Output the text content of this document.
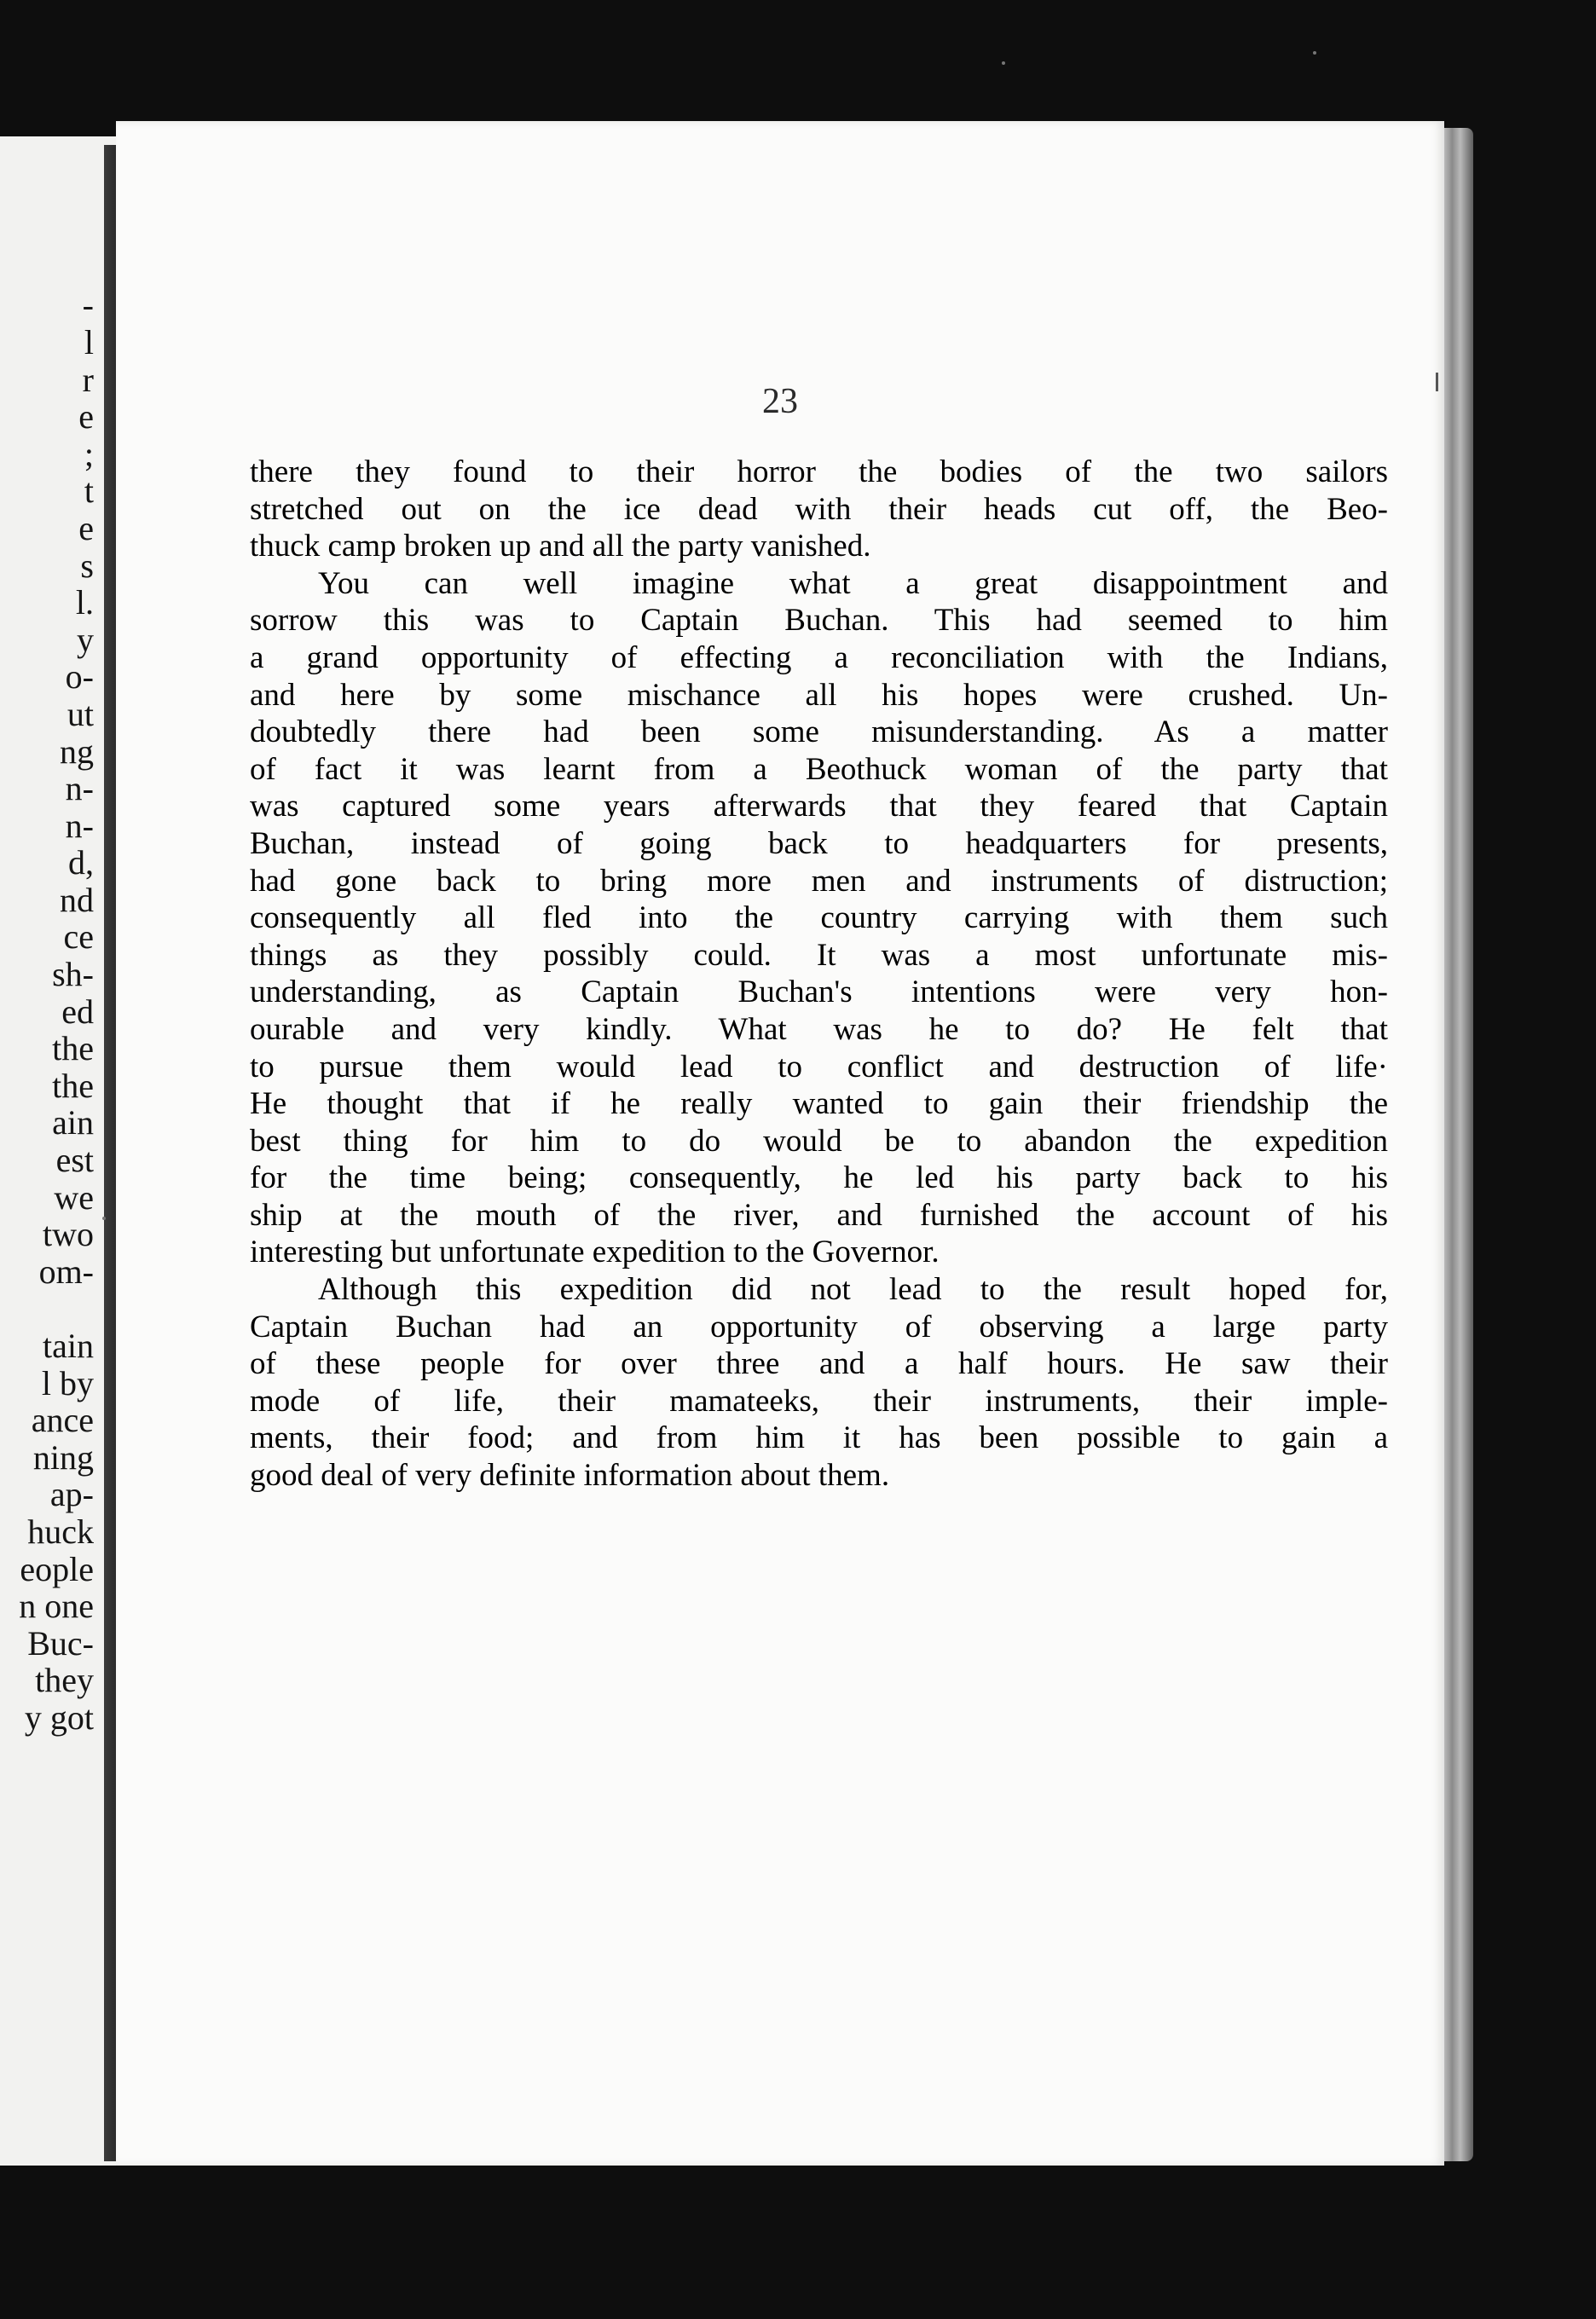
-
l
r
e
;
t
e
s
l.
y
o-
ut
ng
n-
n-
d,
nd
ce
sh-
ed
the
the
ain
est
we
two
om-
tain
l by
ance
ning
ap-
huck
eople
n one
Buc-
they
y got
23

there they found to their horror the bodies of the two sailors

stretched out on the ice dead with their heads cut off, the Beo-

thuck camp broken up and all the party vanished.

You can well imagine what a great disappointment and

sorrow this was to Captain Buchan. This had seemed to him

a grand opportunity of effecting a reconciliation with the Indians,

and here by some mischance all his hopes were crushed. Un-

doubtedly there had been some misunderstanding. As a matter

of fact it was learnt from a Beothuck woman of the party that

was captured some years afterwards that they feared that Captain

Buchan, instead of going back to headquarters for presents,

had gone back to bring more men and instruments of distruction;

consequently all fled into the country carrying with them such

things as they possibly could. It was a most unfortunate mis-

understanding, as Captain Buchan's intentions were very hon-

ourable and very kindly. What was he to do? He felt that

to pursue them would lead to conflict and destruction of life·

He thought that if he really wanted to gain their friendship the

best thing for him to do would be to abandon the expedition

for the time being; consequently, he led his party back to his

ship at the mouth of the river, and furnished the account of his

interesting but unfortunate expedition to the Governor.

Although this expedition did not lead to the result hoped for,

Captain Buchan had an opportunity of observing a large party

of these people for over three and a half hours. He saw their

mode of life, their mamateeks, their instruments, their imple-

ments, their food; and from him it has been possible to gain a

good deal of very definite information about them.
